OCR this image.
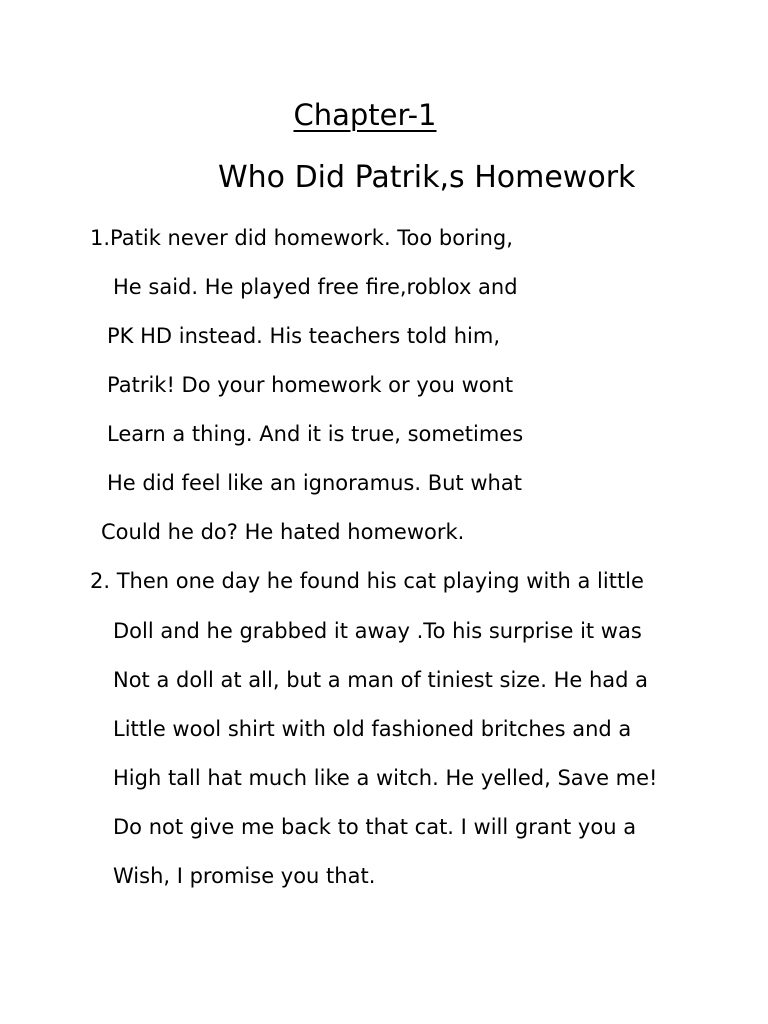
Chapter-1
Who Did Patrik,s Homework
1.Patik never did homework. Too boring,
He said. He played free fire,roblox and
PK HD instead. His teachers told him,
Patrik! Do your homework or you wont
Learn a thing. And it is true, sometimes
He did feel like an ignoramus. But what
Could he do? He hated homework.
2. Then one day he found his cat playing with a little
Doll and he grabbed it away .To his surprise it was
Not a doll at all, but a man of tiniest size. He had a
Little wool shirt with old fashioned britches and a
High tall hat much like a witch. He yelled, Save me!
Do not give me back to that cat. I will grant you a
Wish, I promise you that.
